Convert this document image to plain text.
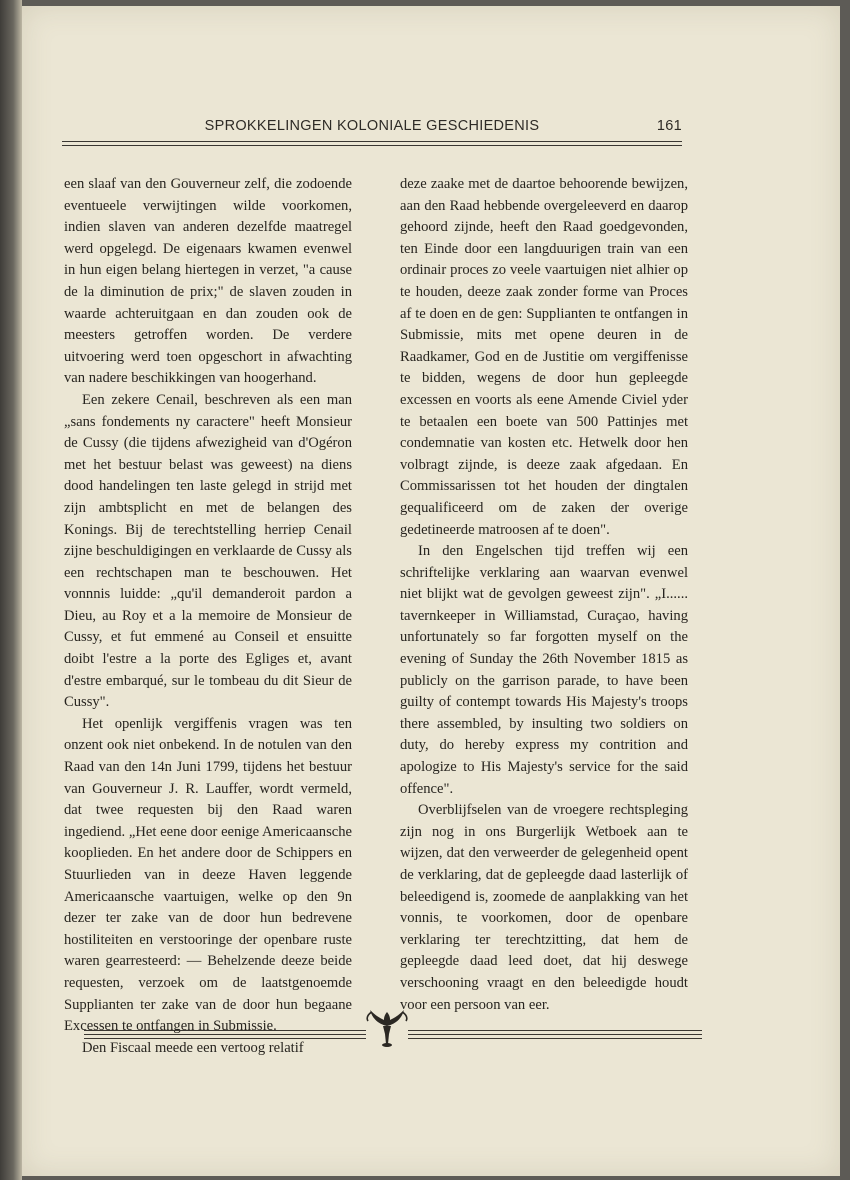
SPROKKELINGEN KOLONIALE GESCHIEDENIS	161

een slaaf van den Gouverneur zelf, die zodoende eventueele verwijtingen wilde voorkomen, indien slaven van anderen dezelfde maatregel werd opgelegd. De eigenaars kwamen evenwel in hun eigen belang hiertegen in verzet, "a cause de la diminution de prix;" de slaven zouden in waarde achteruitgaan en dan zouden ook de meesters getroffen worden. De verdere uitvoering werd toen opgeschort in afwachting van nadere beschikkingen van hoogerhand.

Een zekere Cenail, beschreven als een man „sans fondements ny caractere" heeft Monsieur de Cussy (die tijdens afwezigheid van d'Ogéron met het bestuur belast was geweest) na diens dood handelingen ten laste gelegd in strijd met zijn ambtsplicht en met de belangen des Konings. Bij de terechtstelling herriep Cenail zijne beschuldigingen en verklaarde de Cussy als een rechtschapen man te beschouwen. Het vonnnis luidde: „qu'il demanderoit pardon a Dieu, au Roy et a la memoire de Monsieur de Cussy, et fut emmené au Conseil et ensuitte doibt l'estre a la porte des Egliges et, avant d'estre embarqué, sur le tombeau du dit Sieur de Cussy".

Het openlijk vergiffenis vragen was ten onzent ook niet onbekend. In de notulen van den Raad van den 14n Juni 1799, tijdens het bestuur van Gouverneur J. R. Lauffer, wordt vermeld, dat twee requesten bij den Raad waren ingediend. „Het eene door eenige Americaansche kooplieden. En het andere door de Schippers en Stuurlieden van in deeze Haven leggende Americaansche vaartuigen, welke op den 9n dezer ter zake van de door hun bedrevene hostiliteiten en verstooringe der openbare ruste waren gearresteerd: — Behelzende deeze beide requesten, verzoek om de laatstgenoemde Supplianten ter zake van de door hun begaane Excessen te ontfangen in Submissie.

Den Fiscaal meede een vertoog relatif

deze zaake met de daartoe behoorende bewijzen, aan den Raad hebbende overgeleeverd en daarop gehoord zijnde, heeft den Raad goedgevonden, ten Einde door een langduurigen train van een ordinair proces zo veele vaartuigen niet alhier op te houden, deeze zaak zonder forme van Proces af te doen en de gen: Supplianten te ontfangen in Submissie, mits met opene deuren in de Raadkamer, God en de Justitie om vergiffenisse te bidden, wegens de door hun gepleegde excessen en voorts als eene Amende Civiel yder te betaalen een boete van 500 Pattinjes met condemnatie van kosten etc. Hetwelk door hen volbragt zijnde, is deeze zaak afgedaan. En Commissarissen tot het houden der dingtalen gequalificeerd om de zaken der overige gedetineerde matroosen af te doen".

In den Engelschen tijd treffen wij een schriftelijke verklaring aan waarvan evenwel niet blijkt wat de gevolgen geweest zijn". „I...... tavernkeeper in Williamstad, Curaçao, having unfortunately so far forgotten myself on the evening of Sunday the 26th November 1815 as publicly on the garrison parade, to have been guilty of contempt towards His Majesty's troops there assembled, by insulting two soldiers on duty, do hereby express my contrition and apologize to His Majesty's service for the said offence".

Overblijfselen van de vroegere rechtspleging zijn nog in ons Burgerlijk Wetboek aan te wijzen, dat den verweerder de gelegenheid opent de verklaring, dat de gepleegde daad lasterlijk of beleedigend is, zoomede de aanplakking van het vonnis, te voorkomen, door de openbare verklaring ter terechtzitting, dat hem de gepleegde daad leed doet, dat hij deswege verschooning vraagt en den beleedigde houdt voor een persoon van eer.
